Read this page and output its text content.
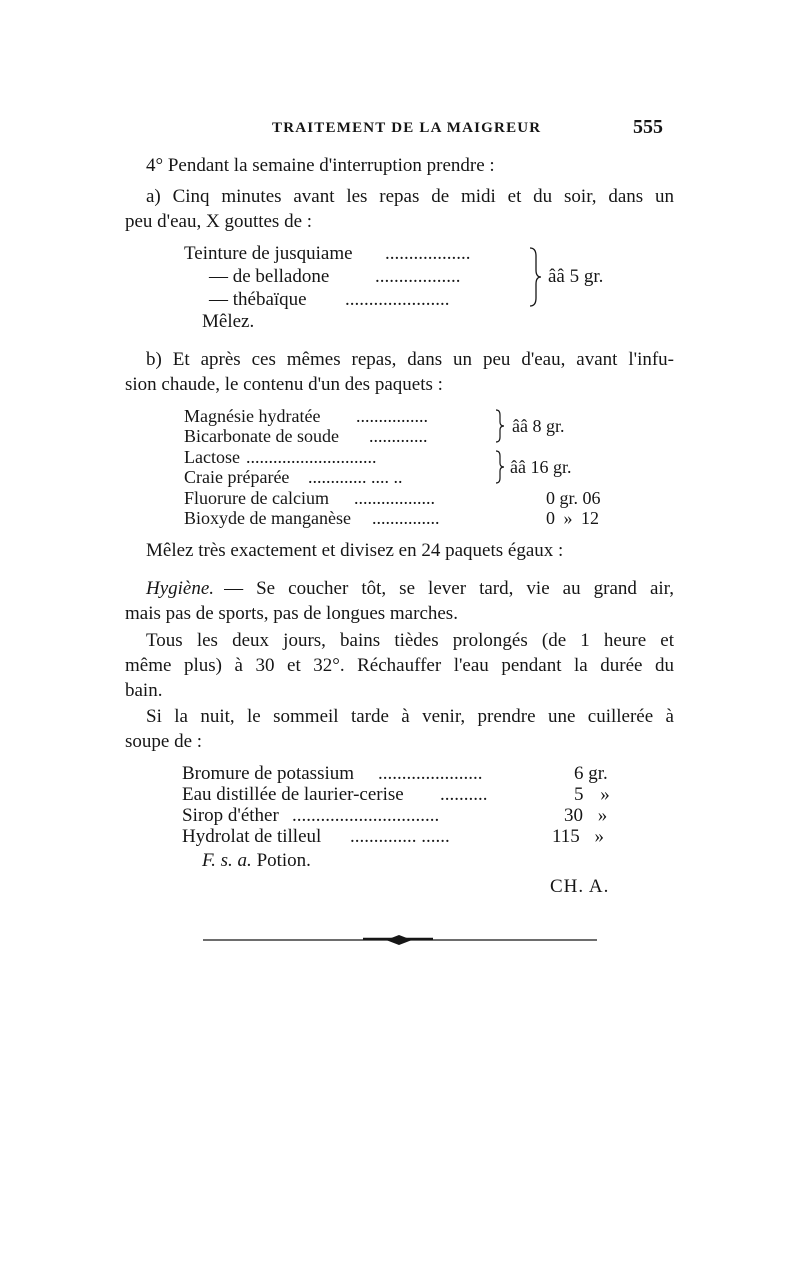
TRAITEMENT DE LA MAIGREUR	555
4° Pendant la semaine d'interruption prendre :
a) Cinq minutes avant les repas de midi et du soir, dans un
peu d'eau, X gouttes de :
Teinture de jusquiame ..................
— de belladone ..................
— thébaïque ......................
ââ 5 gr.
Mêlez.
b) Et après ces mêmes repas, dans un peu d'eau, avant l'infu-
sion chaude, le contenu d'un des paquets :
Magnésie hydratée ................
Bicarbonate de soude .............	ââ 8 gr.
Lactose .............................
Craie préparée ............. .... ..	ââ 16 gr.
Fluorure de calcium ..................	0 gr. 06
Bioxyde de manganèse ...............	0 » 12
Mêlez très exactement et divisez en 24 paquets égaux :
Hygiène. — Se coucher tôt, se lever tard, vie au grand air,
mais pas de sports, pas de longues marches.
Tous les deux jours, bains tièdes prolongés (de 1 heure et
même plus) à 30 et 32°. Réchauffer l'eau pendant la durée du
bain.
Si la nuit, le sommeil tarde à venir, prendre une cuillerée à
soupe de :
Bromure de potassium ......................	6 gr.
Eau distillée de laurier-cerise ..........	5 »
Sirop d'éther ...............................	30 »
Hydrolat de tilleul .............. ......	115 »
F. s. a. Potion.
CH. A.
